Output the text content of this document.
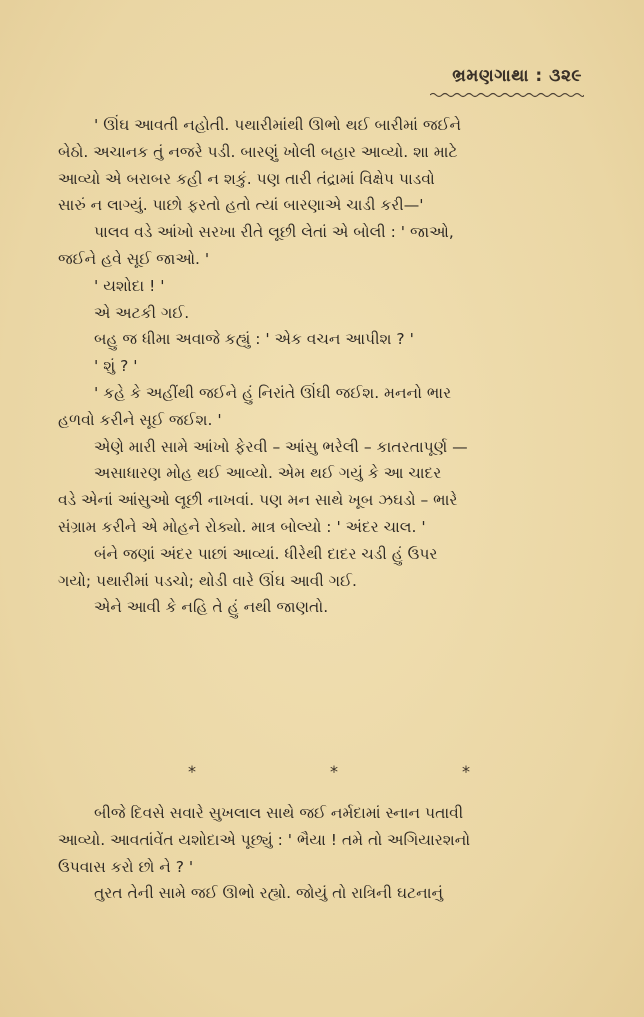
ભ્રમણગાથા : ૩૨૯
' ઊંઘ આવતી નહોતી. પથારીમાંથી ઊભો થઈ બારીમાં જઈને
બેઠો. અચાનક તું નજરે પડી. બારણું ખોલી બહાર આવ્યો. શા માટે
આવ્યો એ બરાબર કહી ન શકું. પણ તારી તંદ્રામાં વિક્ષેપ પાડવો
સારું ન લાગ્યું. પાછો ફરતો હતો ત્યાં બારણાએ ચાડી કરી—'
પાલવ વડે આંખો સરખા રીતે લૂછી લેતાં એ બોલી : ' જાઓ,
જઈને હવે સૂઈ જાઓ. '
' યશોદા ! '
એ અટકી ગઈ.
બહુ જ ધીમા અવાજે કહ્યું : ' એક વચન આપીશ ? '
' શું ? '
' કહે કે અહીંથી જઈને હું નિરાંતે ઊંઘી જઈશ. મનનો ભાર
હળવો કરીને સૂઈ જઈશ. '
એણે મારી સામે આંખો ફેરવી – આંસુ ભરેલી – કાતરતાપૂર્ણ —
અસાધારણ મોહ થઈ આવ્યો. એમ થઈ ગયું કે આ ચાદર
વડે એનાં આંસુઓ લૂછી નાખવાં. પણ મન સાથે ખૂબ ઝઘડો – ભારે
સંગ્રામ કરીને એ મોહને રોક્યો. માત્ર બોલ્યો : ' અંદર ચાલ. '
બંને જણાં અંદર પાછાં આવ્યાં. ધીરેથી દાદર ચડી હું ઉપર
ગયો; પથારીમાં પડચો; થોડી વારે ઊંઘ આવી ગઈ.
એને આવી કે નહિ તે હું નથી જાણતો.
*	*	*
બીજે દિવસે સવારે સુખલાલ સાથે જઈ નર્મદામાં સ્નાન પતાવી
આવ્યો. આવતાંવેંત યશોદાએ પૂછ્યું : ' ભૈયા ! તમે તો અગિયારશનો
ઉપવાસ કરો છો ને ? '
તુરત તેની સામે જઈ ઊભો રહ્યો. જોયું તો રાત્રિની ઘટનાનું
